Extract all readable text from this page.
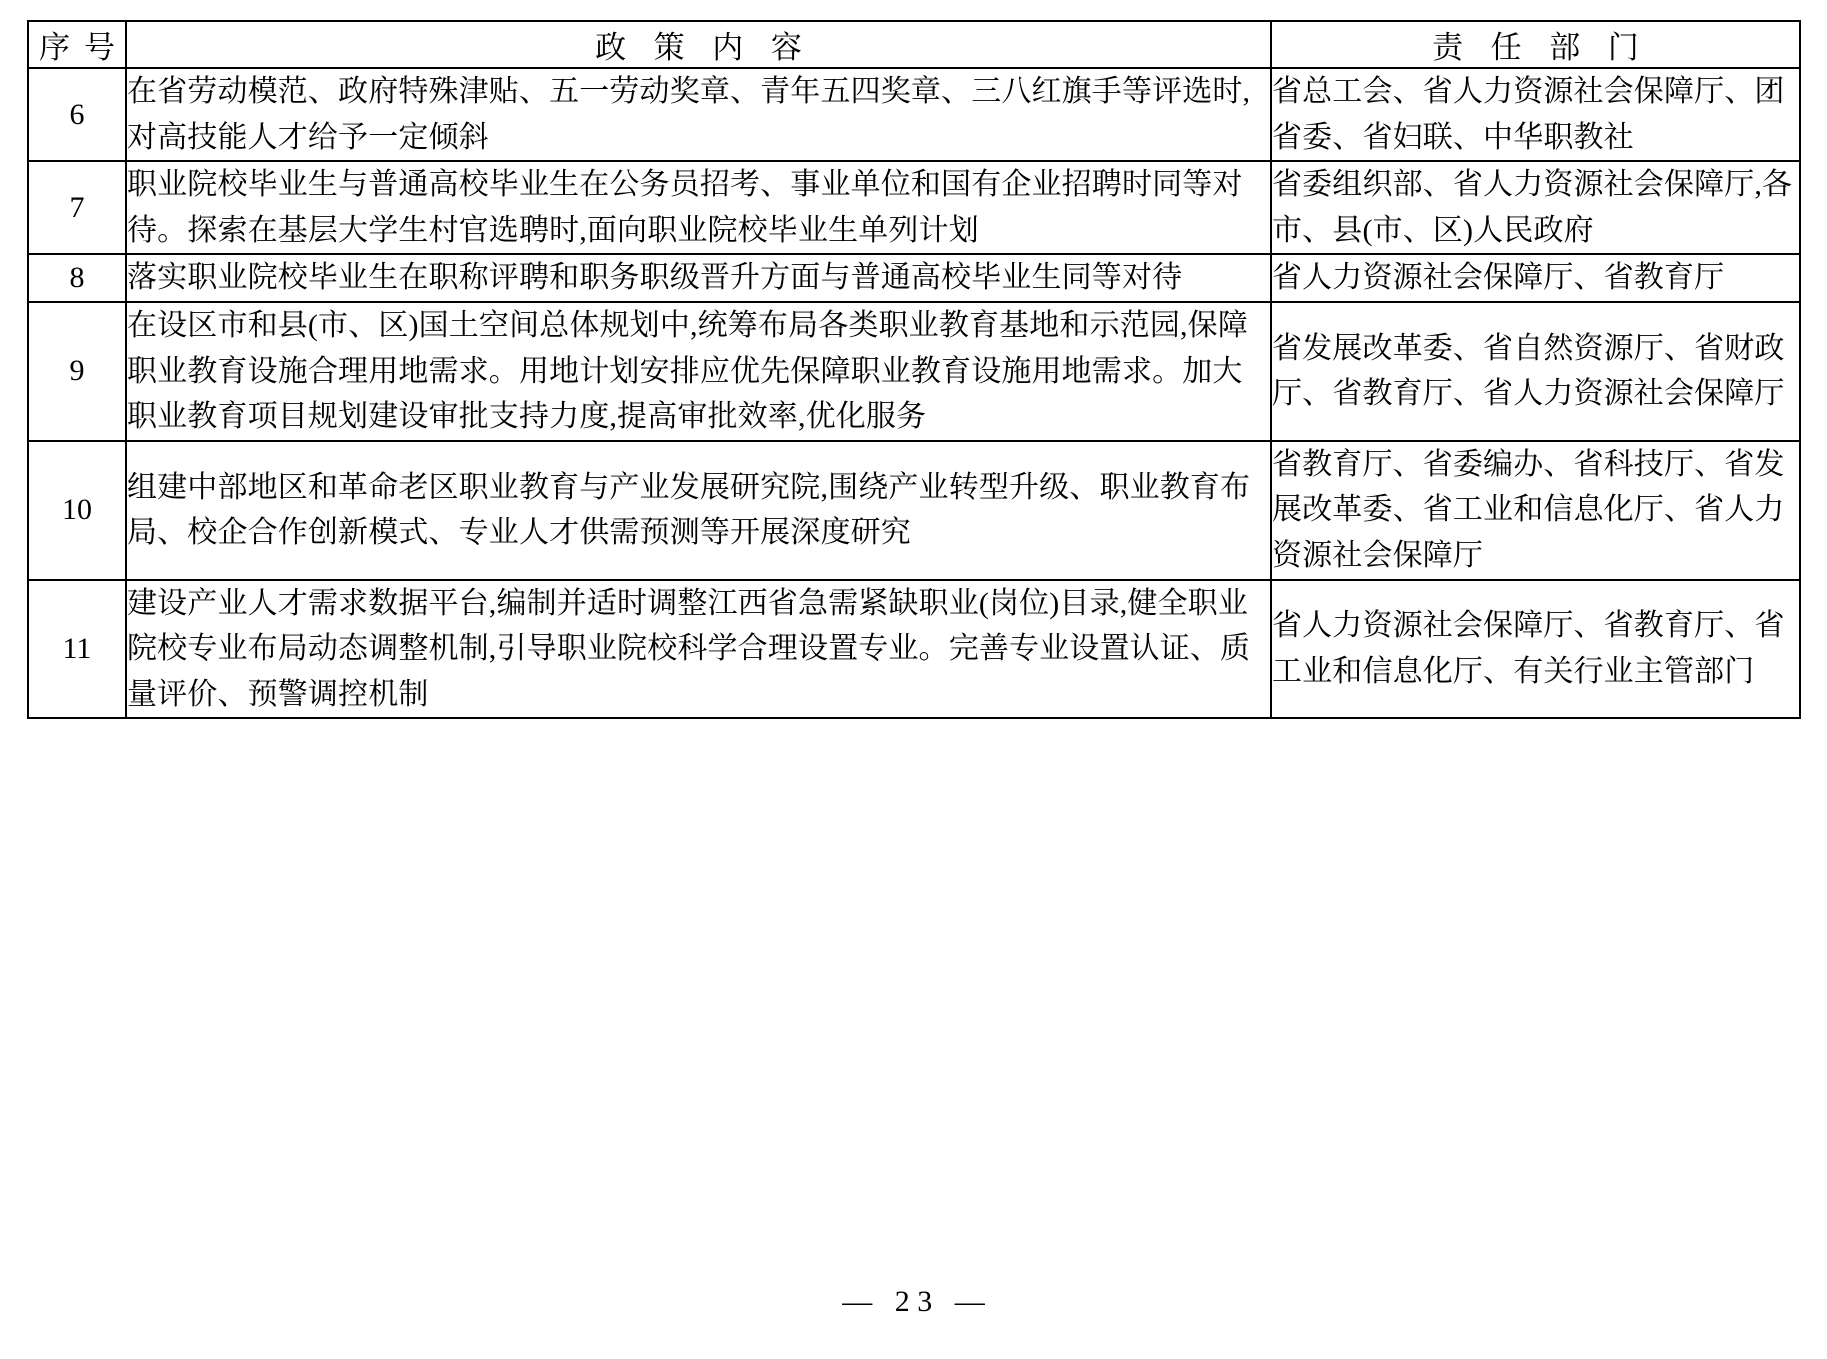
序 号	政 策 内 容	责 任 部 门
6	在省劳动模范、政府特殊津贴、五一劳动奖章、青年五四奖章、三八红旗手等评选时,对高技能人才给予一定倾斜	省总工会、省人力资源社会保障厅、团省委、省妇联、中华职教社
7	职业院校毕业生与普通高校毕业生在公务员招考、事业单位和国有企业招聘时同等对待。探索在基层大学生村官选聘时,面向职业院校毕业生单列计划	省委组织部、省人力资源社会保障厅,各市、县(市、区)人民政府
8	落实职业院校毕业生在职称评聘和职务职级晋升方面与普通高校毕业生同等对待	省人力资源社会保障厅、省教育厅
9	在设区市和县(市、区)国土空间总体规划中,统筹布局各类职业教育基地和示范园,保障职业教育设施合理用地需求。用地计划安排应优先保障职业教育设施用地需求。加大职业教育项目规划建设审批支持力度,提高审批效率,优化服务	省发展改革委、省自然资源厅、省财政厅、省教育厅、省人力资源社会保障厅
10	组建中部地区和革命老区职业教育与产业发展研究院,围绕产业转型升级、职业教育布局、校企合作创新模式、专业人才供需预测等开展深度研究	省教育厅、省委编办、省科技厅、省发展改革委、省工业和信息化厅、省人力资源社会保障厅
11	建设产业人才需求数据平台,编制并适时调整江西省急需紧缺职业(岗位)目录,健全职业院校专业布局动态调整机制,引导职业院校科学合理设置专业。完善专业设置认证、质量评价、预警调控机制	省人力资源社会保障厅、省教育厅、省工业和信息化厅、有关行业主管部门
— 23 —
